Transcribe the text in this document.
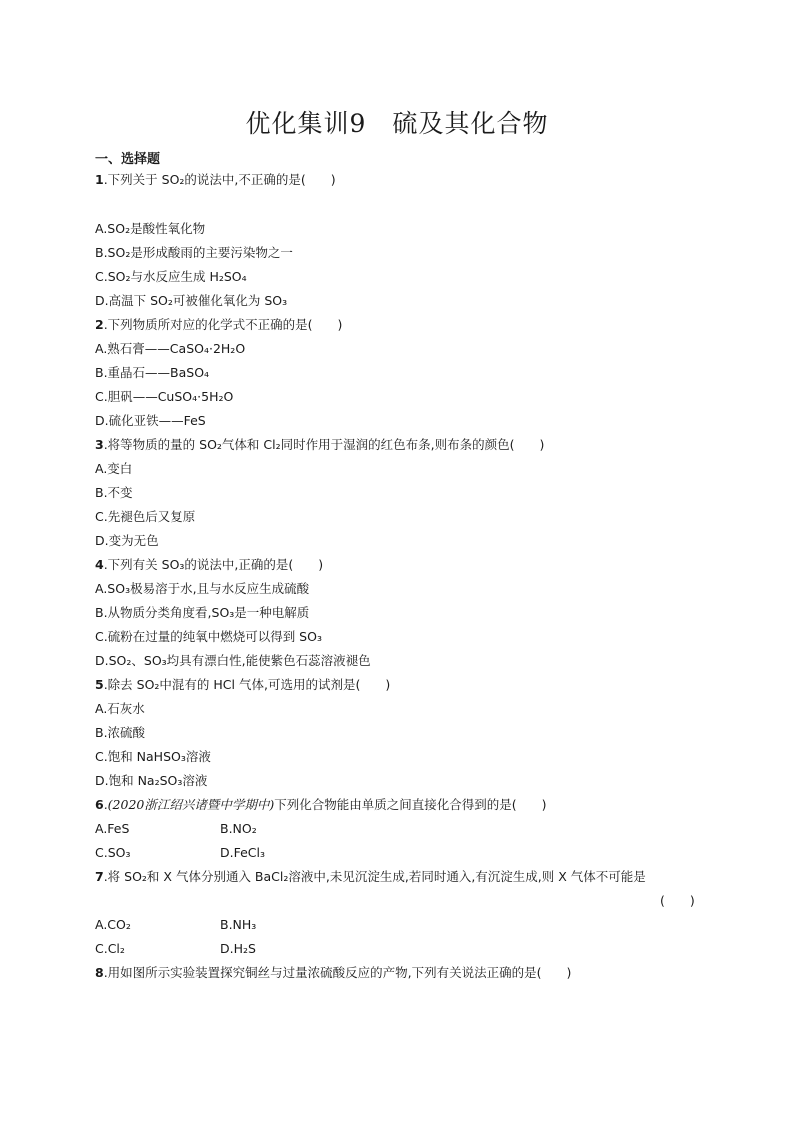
优化集训9　硫及其化合物
一、选择题
1.下列关于 SO₂的说法中,不正确的是(　　)
A.SO₂是酸性氧化物
B.SO₂是形成酸雨的主要污染物之一
C.SO₂与水反应生成 H₂SO₄
D.高温下 SO₂可被催化氧化为 SO₃
2.下列物质所对应的化学式不正确的是(　　)
A.熟石膏——CaSO₄·2H₂O
B.重晶石——BaSO₄
C.胆矾——CuSO₄·5H₂O
D.硫化亚铁——FeS
3.将等物质的量的 SO₂气体和 Cl₂同时作用于湿润的红色布条,则布条的颜色(　　)
A.变白
B.不变
C.先褪色后又复原
D.变为无色
4.下列有关 SO₃的说法中,正确的是(　　)
A.SO₃极易溶于水,且与水反应生成硫酸
B.从物质分类角度看,SO₃是一种电解质
C.硫粉在过量的纯氧中燃烧可以得到 SO₃
D.SO₂、SO₃均具有漂白性,能使紫色石蕊溶液褪色
5.除去 SO₂中混有的 HCl 气体,可选用的试剂是(　　)
A.石灰水
B.浓硫酸
C.饱和 NaHSO₃溶液
D.饱和 Na₂SO₃溶液
6.(2020浙江绍兴诸暨中学期中)下列化合物能由单质之间直接化合得到的是(　　)
A.FeS	B.NO₂
C.SO₃	D.FeCl₃
7.将 SO₂和 X 气体分别通入 BaCl₂溶液中,未见沉淀生成,若同时通入,有沉淀生成,则 X 气体不可能是
(　　)
A.CO₂	B.NH₃
C.Cl₂	D.H₂S
8.用如图所示实验装置探究铜丝与过量浓硫酸反应的产物,下列有关说法正确的是(　　)
